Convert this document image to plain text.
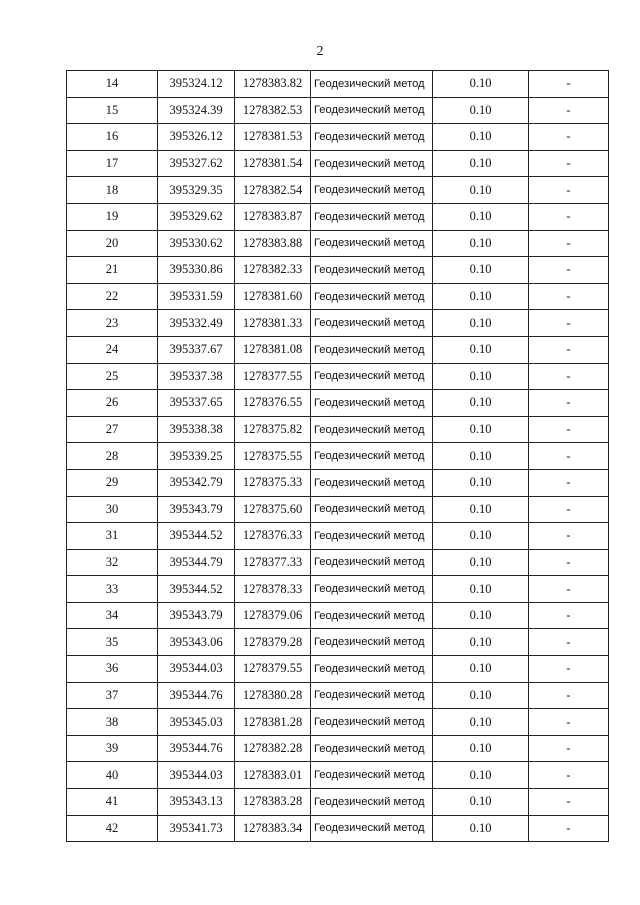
2
14	395324.12	1278383.82	Геодезический метод	0.10	-
15	395324.39	1278382.53	Геодезический метод	0.10	-
16	395326.12	1278381.53	Геодезический метод	0.10	-
17	395327.62	1278381.54	Геодезический метод	0.10	-
18	395329.35	1278382.54	Геодезический метод	0.10	-
19	395329.62	1278383.87	Геодезический метод	0.10	-
20	395330.62	1278383.88	Геодезический метод	0.10	-
21	395330.86	1278382.33	Геодезический метод	0.10	-
22	395331.59	1278381.60	Геодезический метод	0.10	-
23	395332.49	1278381.33	Геодезический метод	0.10	-
24	395337.67	1278381.08	Геодезический метод	0.10	-
25	395337.38	1278377.55	Геодезический метод	0.10	-
26	395337.65	1278376.55	Геодезический метод	0.10	-
27	395338.38	1278375.82	Геодезический метод	0.10	-
28	395339.25	1278375.55	Геодезический метод	0.10	-
29	395342.79	1278375.33	Геодезический метод	0.10	-
30	395343.79	1278375.60	Геодезический метод	0.10	-
31	395344.52	1278376.33	Геодезический метод	0.10	-
32	395344.79	1278377.33	Геодезический метод	0.10	-
33	395344.52	1278378.33	Геодезический метод	0.10	-
34	395343.79	1278379.06	Геодезический метод	0.10	-
35	395343.06	1278379.28	Геодезический метод	0.10	-
36	395344.03	1278379.55	Геодезический метод	0.10	-
37	395344.76	1278380.28	Геодезический метод	0.10	-
38	395345.03	1278381.28	Геодезический метод	0.10	-
39	395344.76	1278382.28	Геодезический метод	0.10	-
40	395344.03	1278383.01	Геодезический метод	0.10	-
41	395343.13	1278383.28	Геодезический метод	0.10	-
42	395341.73	1278383.34	Геодезический метод	0.10	-
